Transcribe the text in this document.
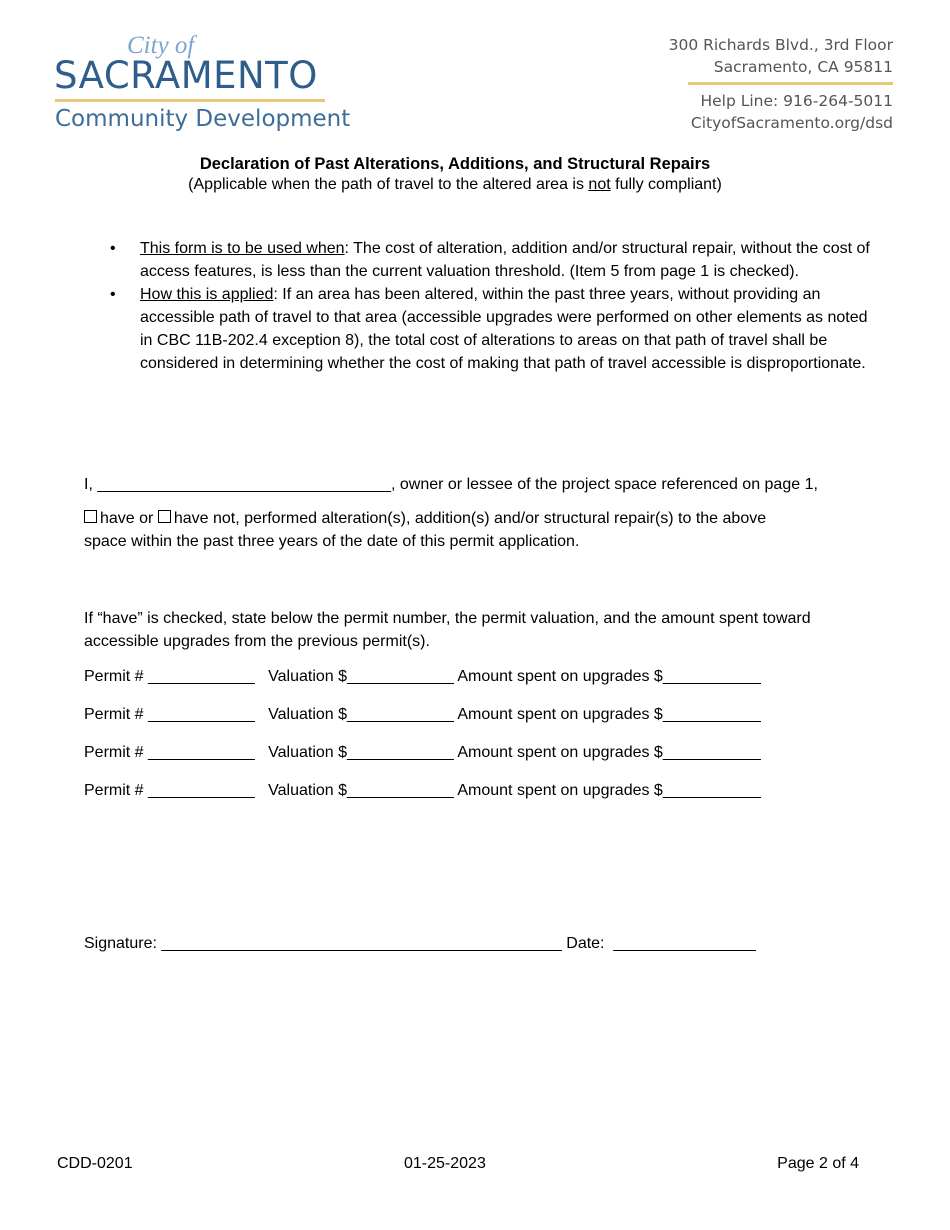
City of
SACRAMENTO
Community Development
300 Richards Blvd., 3rd Floor
Sacramento, CA 95811
Help Line: 916-264-5011
CityofSacramento.org/dsd
Declaration of Past Alterations, Additions, and Structural Repairs
(Applicable when the path of travel to the altered area is not fully compliant)
• This form is to be used when: The cost of alteration, addition and/or structural repair, without the cost of access features, is less than the current valuation threshold. (Item 5 from page 1 is checked).
• How this is applied: If an area has been altered, within the past three years, without providing an accessible path of travel to that area (accessible upgrades were performed on other elements as noted in CBC 11B-202.4 exception 8), the total cost of alterations to areas on that path of travel shall be considered in determining whether the cost of making that path of travel accessible is disproportionate.
I, _________________________________, owner or lessee of the project space referenced on page 1,
have or have not, performed alteration(s), addition(s) and/or structural repair(s) to the above
space within the past three years of the date of this permit application.
If “have” is checked, state below the permit number, the permit valuation, and the amount spent toward accessible upgrades from the previous permit(s).
Permit # ____________   Valuation $____________ Amount spent on upgrades $___________
Permit # ____________   Valuation $____________ Amount spent on upgrades $___________
Permit # ____________   Valuation $____________ Amount spent on upgrades $___________
Permit # ____________   Valuation $____________ Amount spent on upgrades $___________
Signature: _____________________________________________ Date:  ________________
CDD-0201	01-25-2023	Page 2 of 4
